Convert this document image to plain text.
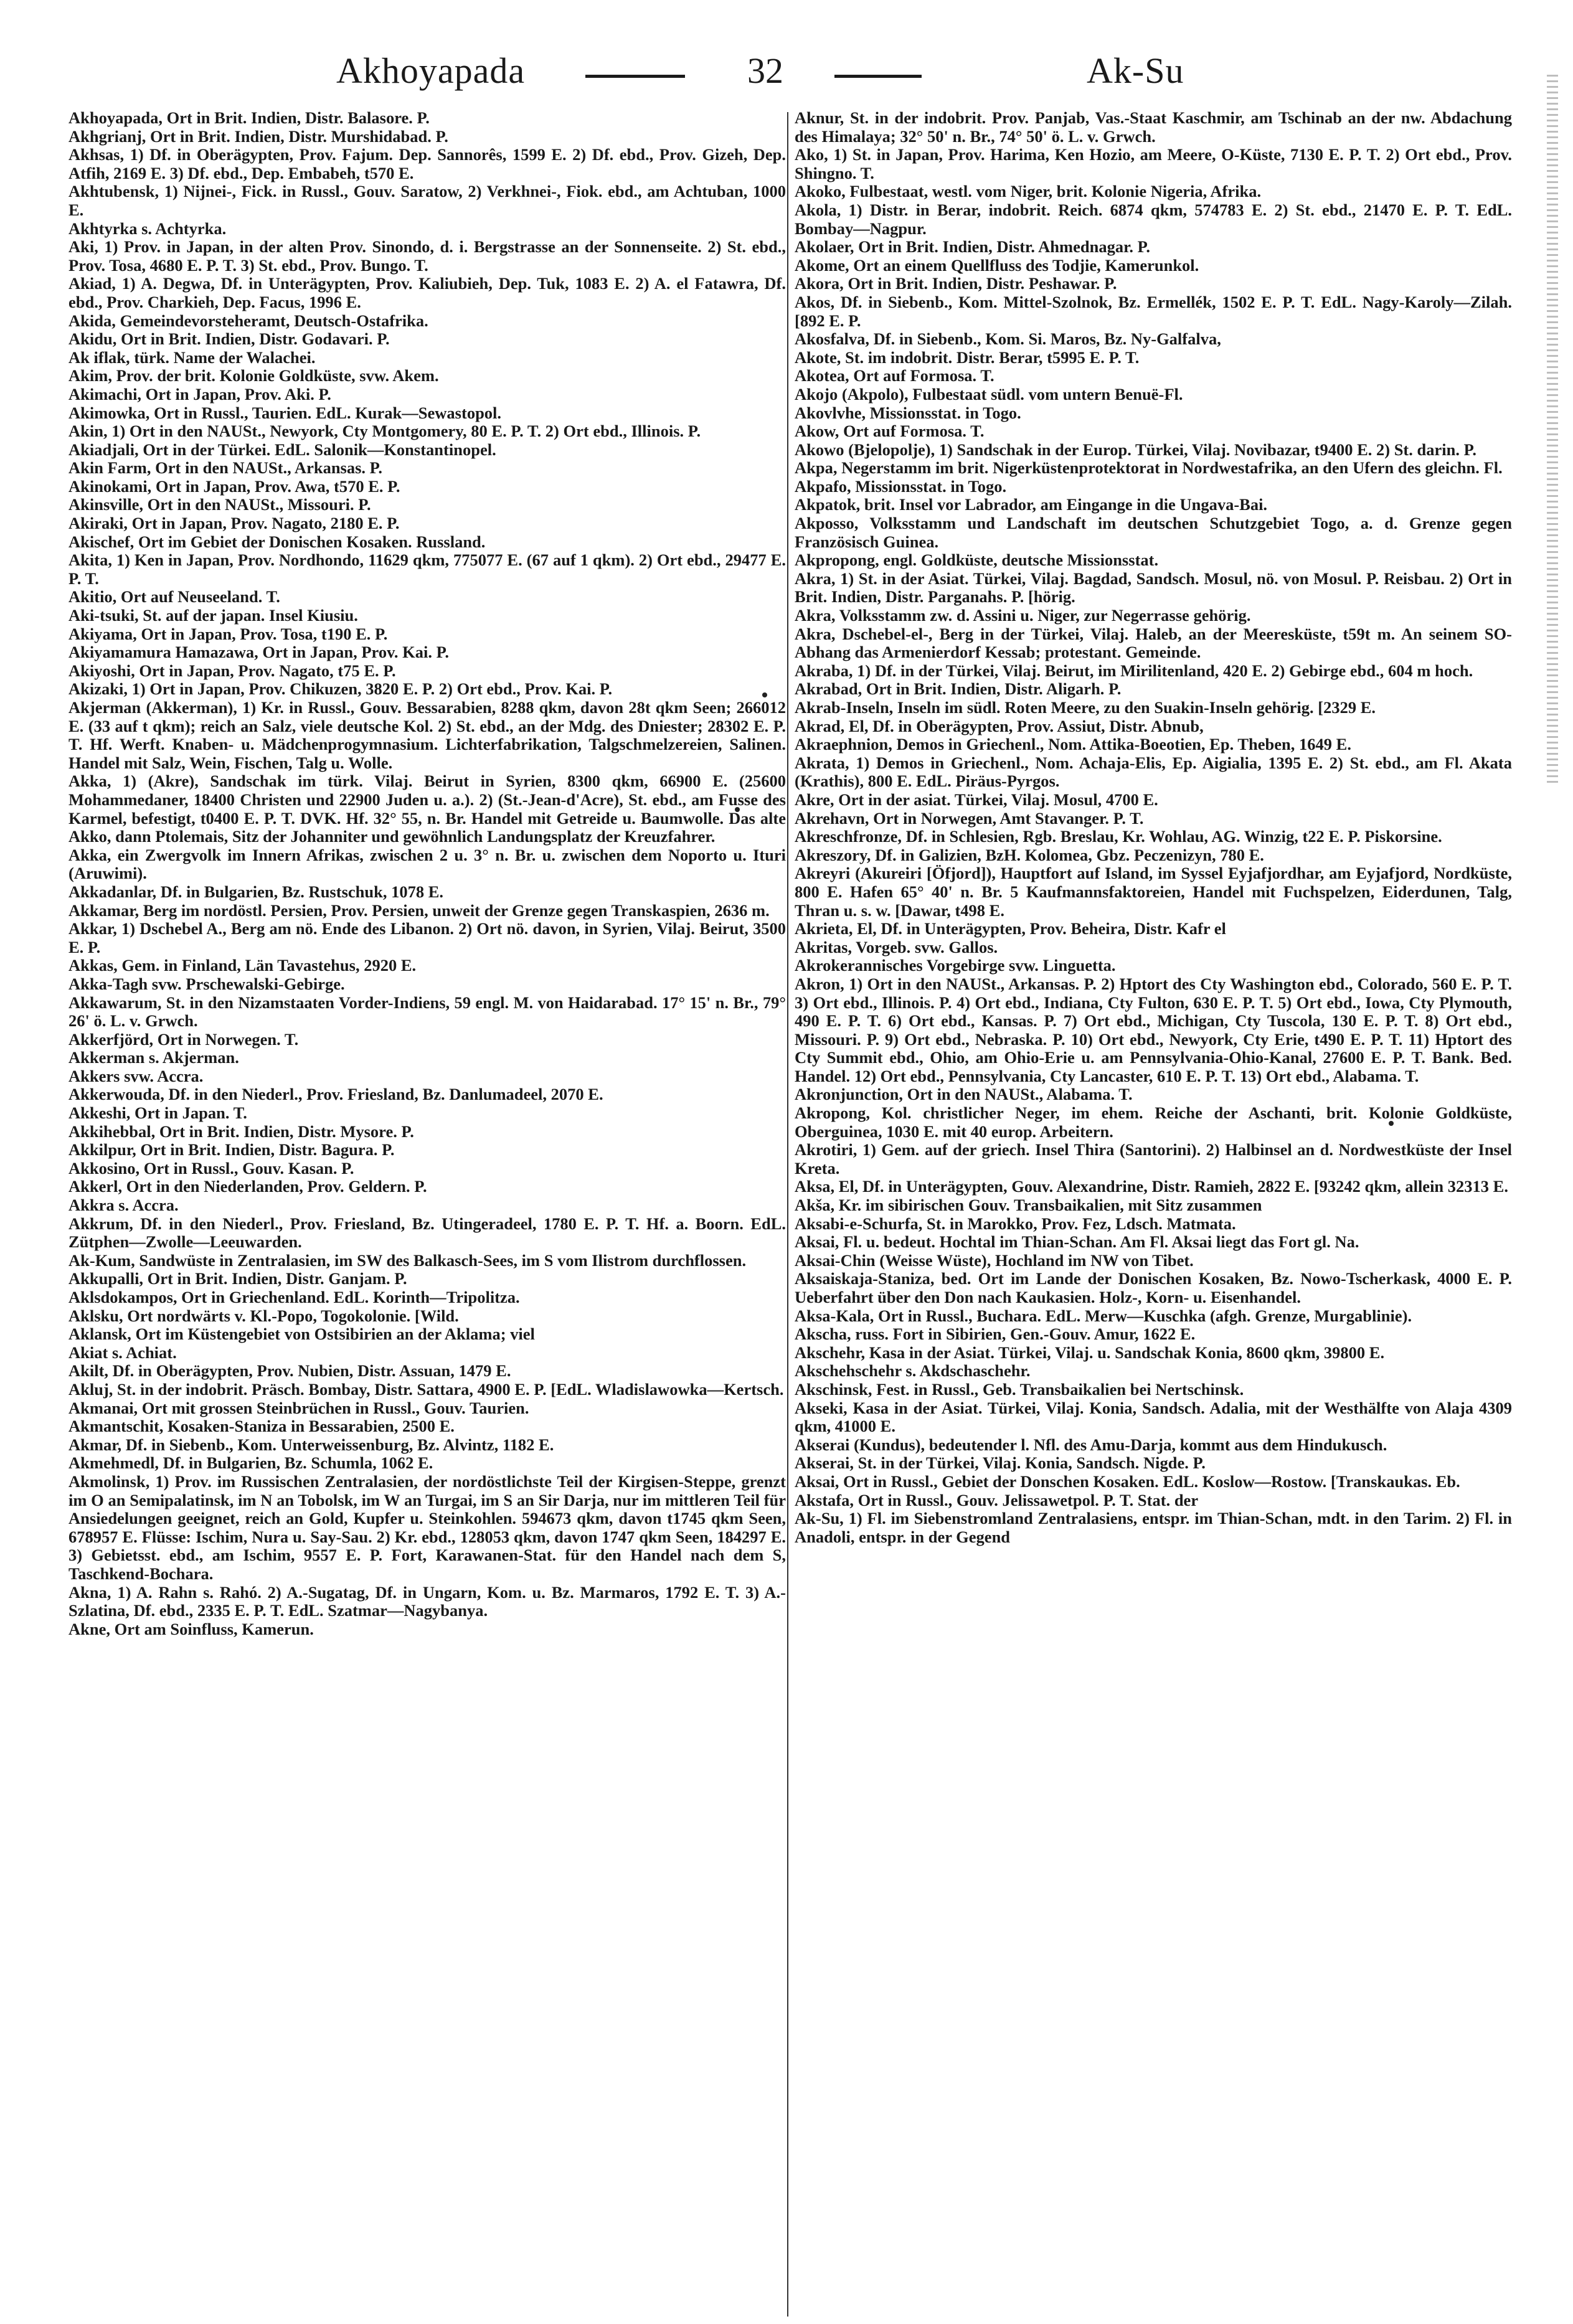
Akhoyapada	32	Ak-Su

Akhoyapada, Ort in Brit. Indien, Distr. Balasore. P.

Akhgrianj, Ort in Brit. Indien, Distr. Murshidabad. P.

Akhsas, 1) Df. in Oberägypten, Prov. Fajum. Dep. Sannorês, 1599 E. 2) Df. ebd., Prov. Gizeh, Dep. Atfih, 2169 E. 3) Df. ebd., Dep. Embabeh, t570 E.

Akhtubensk, 1) Nijnei-, Fick. in Russl., Gouv. Saratow, 2) Verkhnei-, Fiok. ebd., am Achtuban, 1000 E.

Akhtyrka s. Achtyrka.

Aki, 1) Prov. in Japan, in der alten Prov. Sinondo, d. i. Bergstrasse an der Sonnenseite. 2) St. ebd., Prov. Tosa, 4680 E. P. T. 3) St. ebd., Prov. Bungo. T.

Akiad, 1) A. Degwa, Df. in Unterägypten, Prov. Kaliubieh, Dep. Tuk, 1083 E. 2) A. el Fatawra, Df. ebd., Prov. Charkieh, Dep. Facus, 1996 E.

Akida, Gemeindevorsteheramt, Deutsch-Ostafrika.

Akidu, Ort in Brit. Indien, Distr. Godavari. P.

Ak iflak, türk. Name der Walachei.

Akim, Prov. der brit. Kolonie Goldküste, svw. Akem.

Akimachi, Ort in Japan, Prov. Aki. P.

Akimowka, Ort in Russl., Taurien. EdL. Kurak—Sewastopol.

Akin, 1) Ort in den NAUSt., Newyork, Cty Montgomery, 80 E. P. T. 2) Ort ebd., Illinois. P.

Akiadjali, Ort in der Türkei. EdL. Salonik—Konstantinopel.

Akin Farm, Ort in den NAUSt., Arkansas. P.

Akinokami, Ort in Japan, Prov. Awa, t570 E. P.

Akinsville, Ort in den NAUSt., Missouri. P.

Akiraki, Ort in Japan, Prov. Nagato, 2180 E. P.

Akischef, Ort im Gebiet der Donischen Kosaken. Russland.

Akita, 1) Ken in Japan, Prov. Nordhondo, 11629 qkm, 775077 E. (67 auf 1 qkm). 2) Ort ebd., 29477 E. P. T.

Akitio, Ort auf Neuseeland. T.

Aki-tsuki, St. auf der japan. Insel Kiusiu.

Akiyama, Ort in Japan, Prov. Tosa, t190 E. P.

Akiyamamura Hamazawa, Ort in Japan, Prov. Kai. P.

Akiyoshi, Ort in Japan, Prov. Nagato, t75 E. P.

Akizaki, 1) Ort in Japan, Prov. Chikuzen, 3820 E. P. 2) Ort ebd., Prov. Kai. P.

Akjerman (Akkerman), 1) Kr. in Russl., Gouv. Bessarabien, 8288 qkm, davon 28t qkm Seen; 266012 E. (33 auf t qkm); reich an Salz, viele deutsche Kol. 2) St. ebd., an der Mdg. des Dniester; 28302 E. P. T. Hf. Werft. Knaben- u. Mädchenprogymnasium. Lichterfabrikation, Talgschmelzereien, Salinen. Handel mit Salz, Wein, Fischen, Talg u. Wolle.

Akka, 1) (Akre), Sandschak im türk. Vilaj. Beirut in Syrien, 8300 qkm, 66900 E. (25600 Mohammedaner, 18400 Christen und 22900 Juden u. a.). 2) (St.-Jean-d'Acre), St. ebd., am Fusse des Karmel, befestigt, t0400 E. P. T. DVK. Hf. 32° 55, n. Br. Handel mit Getreide u. Baumwolle. Das alte Akko, dann Ptolemais, Sitz der Johanniter und gewöhnlich Landungsplatz der Kreuzfahrer.

Akka, ein Zwergvolk im Innern Afrikas, zwischen 2 u. 3° n. Br. u. zwischen dem Noporto u. Ituri (Aruwimi).

Akkadanlar, Df. in Bulgarien, Bz. Rustschuk, 1078 E.

Akkamar, Berg im nordöstl. Persien, Prov. Persien, unweit der Grenze gegen Transkaspien, 2636 m.

Akkar, 1) Dschebel A., Berg am nö. Ende des Libanon. 2) Ort nö. davon, in Syrien, Vilaj. Beirut, 3500 E. P.

Akkas, Gem. in Finland, Län Tavastehus, 2920 E.

Akka-Tagh svw. Prschewalski-Gebirge.

Akkawarum, St. in den Nizamstaaten Vorder-Indiens, 59 engl. M. von Haidarabad. 17° 15' n. Br., 79° 26' ö. L. v. Grwch.

Akkerfjörd, Ort in Norwegen. T.

Akkerman s. Akjerman.

Akkers svw. Accra.

Akkerwouda, Df. in den Niederl., Prov. Friesland, Bz. Danlumadeel, 2070 E.

Akkeshi, Ort in Japan. T.

Akkihebbal, Ort in Brit. Indien, Distr. Mysore. P.

Akkilpur, Ort in Brit. Indien, Distr. Bagura. P.

Akkosino, Ort in Russl., Gouv. Kasan. P.

Akkerl, Ort in den Niederlanden, Prov. Geldern. P.

Akkra s. Accra.

Akkrum, Df. in den Niederl., Prov. Friesland, Bz. Utingeradeel, 1780 E. P. T. Hf. a. Boorn. EdL. Zütphen—Zwolle—Leeuwarden.

Ak-Kum, Sandwüste in Zentralasien, im SW des Balkasch-Sees, im S vom Ilistrom durchflossen.

Akkupalli, Ort in Brit. Indien, Distr. Ganjam. P.

Aklsdokampos, Ort in Griechenland. EdL. Korinth—Tripolitza.

Aklsku, Ort nordwärts v. Kl.-Popo, Togokolonie. [Wild.

Aklansk, Ort im Küstengebiet von Ostsibirien an der Aklama; viel

Akiat s. Achiat.

Akilt, Df. in Oberägypten, Prov. Nubien, Distr. Assuan, 1479 E.

Akluj, St. in der indobrit. Präsch. Bombay, Distr. Sattara, 4900 E. P. [EdL. Wladislawowka—Kertsch.

Akmanai, Ort mit grossen Steinbrüchen in Russl., Gouv. Taurien.

Akmantschit, Kosaken-Staniza in Bessarabien, 2500 E.

Akmar, Df. in Siebenb., Kom. Unterweissenburg, Bz. Alvintz, 1182 E.

Akmehmedl, Df. in Bulgarien, Bz. Schumla, 1062 E.

Akmolinsk, 1) Prov. im Russischen Zentralasien, der nordöstlichste Teil der Kirgisen-Steppe, grenzt im O an Semipalatinsk, im N an Tobolsk, im W an Turgai, im S an Sir Darja, nur im mittleren Teil für Ansiedelungen geeignet, reich an Gold, Kupfer u. Steinkohlen. 594673 qkm, davon t1745 qkm Seen, 678957 E. Flüsse: Ischim, Nura u. Say-Sau. 2) Kr. ebd., 128053 qkm, davon 1747 qkm Seen, 184297 E. 3) Gebietsst. ebd., am Ischim, 9557 E. P. Fort, Karawanen-Stat. für den Handel nach dem S, Taschkend-Bochara.

Akna, 1) A. Rahn s. Rahó. 2) A.-Sugatag, Df. in Ungarn, Kom. u. Bz. Marmaros, 1792 E. T. 3) A.-Szlatina, Df. ebd., 2335 E. P. T. EdL. Szatmar—Nagybanya.

Akne, Ort am Soinfluss, Kamerun.

Aknur, St. in der indobrit. Prov. Panjab, Vas.-Staat Kaschmir, am Tschinab an der nw. Abdachung des Himalaya; 32° 50' n. Br., 74° 50' ö. L. v. Grwch.

Ako, 1) St. in Japan, Prov. Harima, Ken Hozio, am Meere, O-Küste, 7130 E. P. T. 2) Ort ebd., Prov. Shingno. T.

Akoko, Fulbestaat, westl. vom Niger, brit. Kolonie Nigeria, Afrika.

Akola, 1) Distr. in Berar, indobrit. Reich. 6874 qkm, 574783 E. 2) St. ebd., 21470 E. P. T. EdL. Bombay—Nagpur.

Akolaer, Ort in Brit. Indien, Distr. Ahmednagar. P.

Akome, Ort an einem Quellfluss des Todjie, Kamerunkol.

Akora, Ort in Brit. Indien, Distr. Peshawar. P.

Akos, Df. in Siebenb., Kom. Mittel-Szolnok, Bz. Ermellék, 1502 E. P. T. EdL. Nagy-Karoly—Zilah. [892 E. P.

Akosfalva, Df. in Siebenb., Kom. Si. Maros, Bz. Ny-Galfalva,

Akote, St. im indobrit. Distr. Berar, t5995 E. P. T.

Akotea, Ort auf Formosa. T.

Akojo (Akpolo), Fulbestaat südl. vom untern Benuë-Fl.

Akovlvhe, Missionsstat. in Togo.

Akow, Ort auf Formosa. T.

Akowo (Bjelopolje), 1) Sandschak in der Europ. Türkei, Vilaj. Novibazar, t9400 E. 2) St. darin. P.

Akpa, Negerstamm im brit. Nigerküstenprotektorat in Nordwestafrika, an den Ufern des gleichn. Fl.

Akpafo, Missionsstat. in Togo.

Akpatok, brit. Insel vor Labrador, am Eingange in die Ungava-Bai.

Akposso, Volksstamm und Landschaft im deutschen Schutzgebiet Togo, a. d. Grenze gegen Französisch Guinea.

Akpropong, engl. Goldküste, deutsche Missionsstat.

Akra, 1) St. in der Asiat. Türkei, Vilaj. Bagdad, Sandsch. Mosul, nö. von Mosul. P. Reisbau. 2) Ort in Brit. Indien, Distr. Parganahs. P. [hörig.

Akra, Volksstamm zw. d. Assini u. Niger, zur Negerrasse gehörig.

Akra, Dschebel-el-, Berg in der Türkei, Vilaj. Haleb, an der Meeresküste, t59t m. An seinem SO-Abhang das Armenierdorf Kessab; protestant. Gemeinde.

Akraba, 1) Df. in der Türkei, Vilaj. Beirut, im Mirilitenland, 420 E. 2) Gebirge ebd., 604 m hoch.

Akrabad, Ort in Brit. Indien, Distr. Aligarh. P.

Akrab-Inseln, Inseln im südl. Roten Meere, zu den Suakin-Inseln gehörig. [2329 E.

Akrad, El, Df. in Oberägypten, Prov. Assiut, Distr. Abnub,

Akraephnion, Demos in Griechenl., Nom. Attika-Boeotien, Ep. Theben, 1649 E.

Akrata, 1) Demos in Griechenl., Nom. Achaja-Elis, Ep. Aigialia, 1395 E. 2) St. ebd., am Fl. Akata (Krathis), 800 E. EdL. Piräus-Pyrgos.

Akre, Ort in der asiat. Türkei, Vilaj. Mosul, 4700 E.

Akrehavn, Ort in Norwegen, Amt Stavanger. P. T.

Akreschfronze, Df. in Schlesien, Rgb. Breslau, Kr. Wohlau, AG. Winzig, t22 E. P. Piskorsine.

Akreszory, Df. in Galizien, BzH. Kolomea, Gbz. Peczenizyn, 780 E.

Akreyri (Akureiri [Öfjord]), Hauptfort auf Island, im Syssel Eyjafjordhar, am Eyjafjord, Nordküste, 800 E. Hafen 65° 40' n. Br. 5 Kaufmannsfaktoreien, Handel mit Fuchspelzen, Eiderdunen, Talg, Thran u. s. w. [Dawar, t498 E.

Akrieta, El, Df. in Unterägypten, Prov. Beheira, Distr. Kafr el

Akritas, Vorgeb. svw. Gallos.

Akrokerannisches Vorgebirge svw. Linguetta.

Akron, 1) Ort in den NAUSt., Arkansas. P. 2) Hptort des Cty Washington ebd., Colorado, 560 E. P. T. 3) Ort ebd., Illinois. P. 4) Ort ebd., Indiana, Cty Fulton, 630 E. P. T. 5) Ort ebd., Iowa, Cty Plymouth, 490 E. P. T. 6) Ort ebd., Kansas. P. 7) Ort ebd., Michigan, Cty Tuscola, 130 E. P. T. 8) Ort ebd., Missouri. P. 9) Ort ebd., Nebraska. P. 10) Ort ebd., Newyork, Cty Erie, t490 E. P. T. 11) Hptort des Cty Summit ebd., Ohio, am Ohio-Erie u. am Pennsylvania-Ohio-Kanal, 27600 E. P. T. Bank. Bed. Handel. 12) Ort ebd., Pennsylvania, Cty Lancaster, 610 E. P. T. 13) Ort ebd., Alabama. T.

Akronjunction, Ort in den NAUSt., Alabama. T.

Akropong, Kol. christlicher Neger, im ehem. Reiche der Aschanti, brit. Kolonie Goldküste, Oberguinea, 1030 E. mit 40 europ. Arbeitern.

Akrotiri, 1) Gem. auf der griech. Insel Thira (Santorini). 2) Halbinsel an d. Nordwestküste der Insel Kreta.

Aksa, El, Df. in Unterägypten, Gouv. Alexandrine, Distr. Ramieh, 2822 E. [93242 qkm, allein 32313 E.

Akša, Kr. im sibirischen Gouv. Transbaikalien, mit Sitz zusammen

Aksabi-e-Schurfa, St. in Marokko, Prov. Fez, Ldsch. Matmata.

Aksai, Fl. u. bedeut. Hochtal im Thian-Schan. Am Fl. Aksai liegt das Fort gl. Na.

Aksai-Chin (Weisse Wüste), Hochland im NW von Tibet.

Aksaiskaja-Staniza, bed. Ort im Lande der Donischen Kosaken, Bz. Nowo-Tscherkask, 4000 E. P. Ueberfahrt über den Don nach Kaukasien. Holz-, Korn- u. Eisenhandel.

Aksa-Kala, Ort in Russl., Buchara. EdL. Merw—Kuschka (afgh. Grenze, Murgablinie).

Akscha, russ. Fort in Sibirien, Gen.-Gouv. Amur, 1622 E.

Akschehr, Kasa in der Asiat. Türkei, Vilaj. u. Sandschak Konia, 8600 qkm, 39800 E.

Akschehschehr s. Akdschaschehr.

Akschinsk, Fest. in Russl., Geb. Transbaikalien bei Nertschinsk.

Akseki, Kasa in der Asiat. Türkei, Vilaj. Konia, Sandsch. Adalia, mit der Westhälfte von Alaja 4309 qkm, 41000 E.

Akserai (Kundus), bedeutender l. Nfl. des Amu-Darja, kommt aus dem Hindukusch.

Akserai, St. in der Türkei, Vilaj. Konia, Sandsch. Nigde. P.

Aksai, Ort in Russl., Gebiet der Donschen Kosaken. EdL. Koslow—Rostow. [Transkaukas. Eb.

Akstafa, Ort in Russl., Gouv. Jelissawetpol. P. T. Stat. der

Ak-Su, 1) Fl. im Siebenstromland Zentralasiens, entspr. im Thian-Schan, mdt. in den Tarim. 2) Fl. in Anadoli, entspr. in der Gegend
